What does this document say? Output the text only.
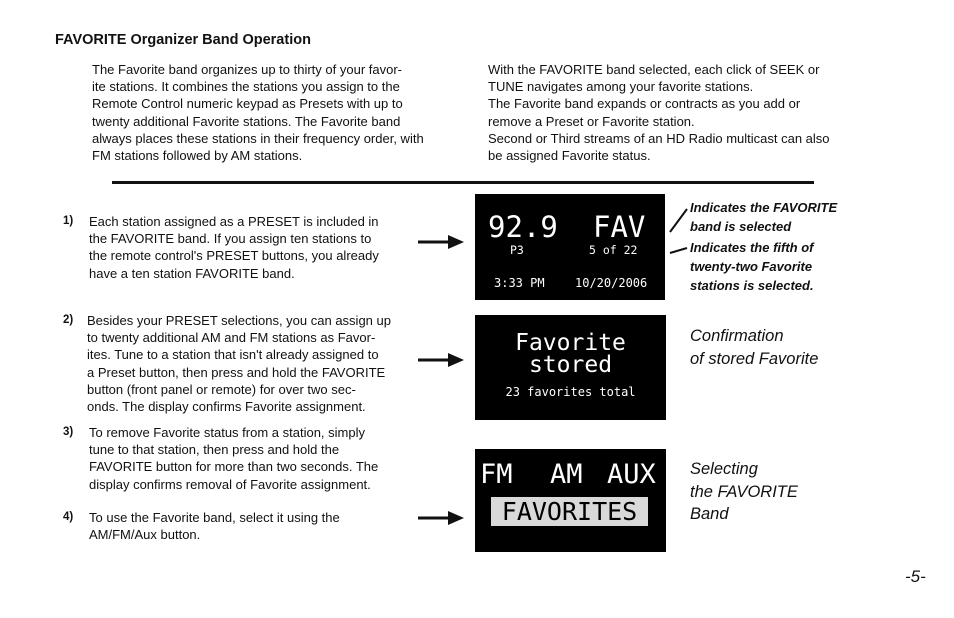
FAVORITE Organizer Band Operation
The Favorite band organizes up to thirty of your favor-
ite stations. It combines the stations you assign to the
Remote Control numeric keypad as Presets with up to
twenty additional Favorite stations. The Favorite band
always places these stations in their frequency order, with
FM stations followed by AM stations.
With the FAVORITE band selected, each click of SEEK or
TUNE navigates among your favorite stations.
The Favorite band expands or contracts as you add or
remove a Preset or Favorite station.
Second or Third streams of an HD Radio multicast can also
be assigned Favorite status.
1) Each station assigned as a PRESET is included in
the FAVORITE band. If you assign ten stations to
the remote control's PRESET buttons, you already
have a ten station FAVORITE band.
2) Besides your PRESET selections, you can assign up
to twenty additional AM and FM stations as Favor-
ites. Tune to a station that isn't already assigned to
a Preset button, then press and hold the FAVORITE
button (front panel or remote) for over two sec-
onds. The display confirms Favorite assignment.
3) To remove Favorite status from a station, simply
tune to that station, then press and hold the
FAVORITE button for more than two seconds. The
display confirms removal of Favorite assignment.
4) To use the Favorite band, select it using the
AM/FM/Aux button.
92.9 FAV
P3	5 of 22
3:33 PM	10/20/2006
Favorite
stored
23 favorites total
FM AM AUX
FAVORITES
Indicates the FAVORITE
band is selected
Indicates the fifth of
twenty-two Favorite
stations is selected.
Confirmation
of stored Favorite
Selecting
the FAVORITE
Band
-5-
